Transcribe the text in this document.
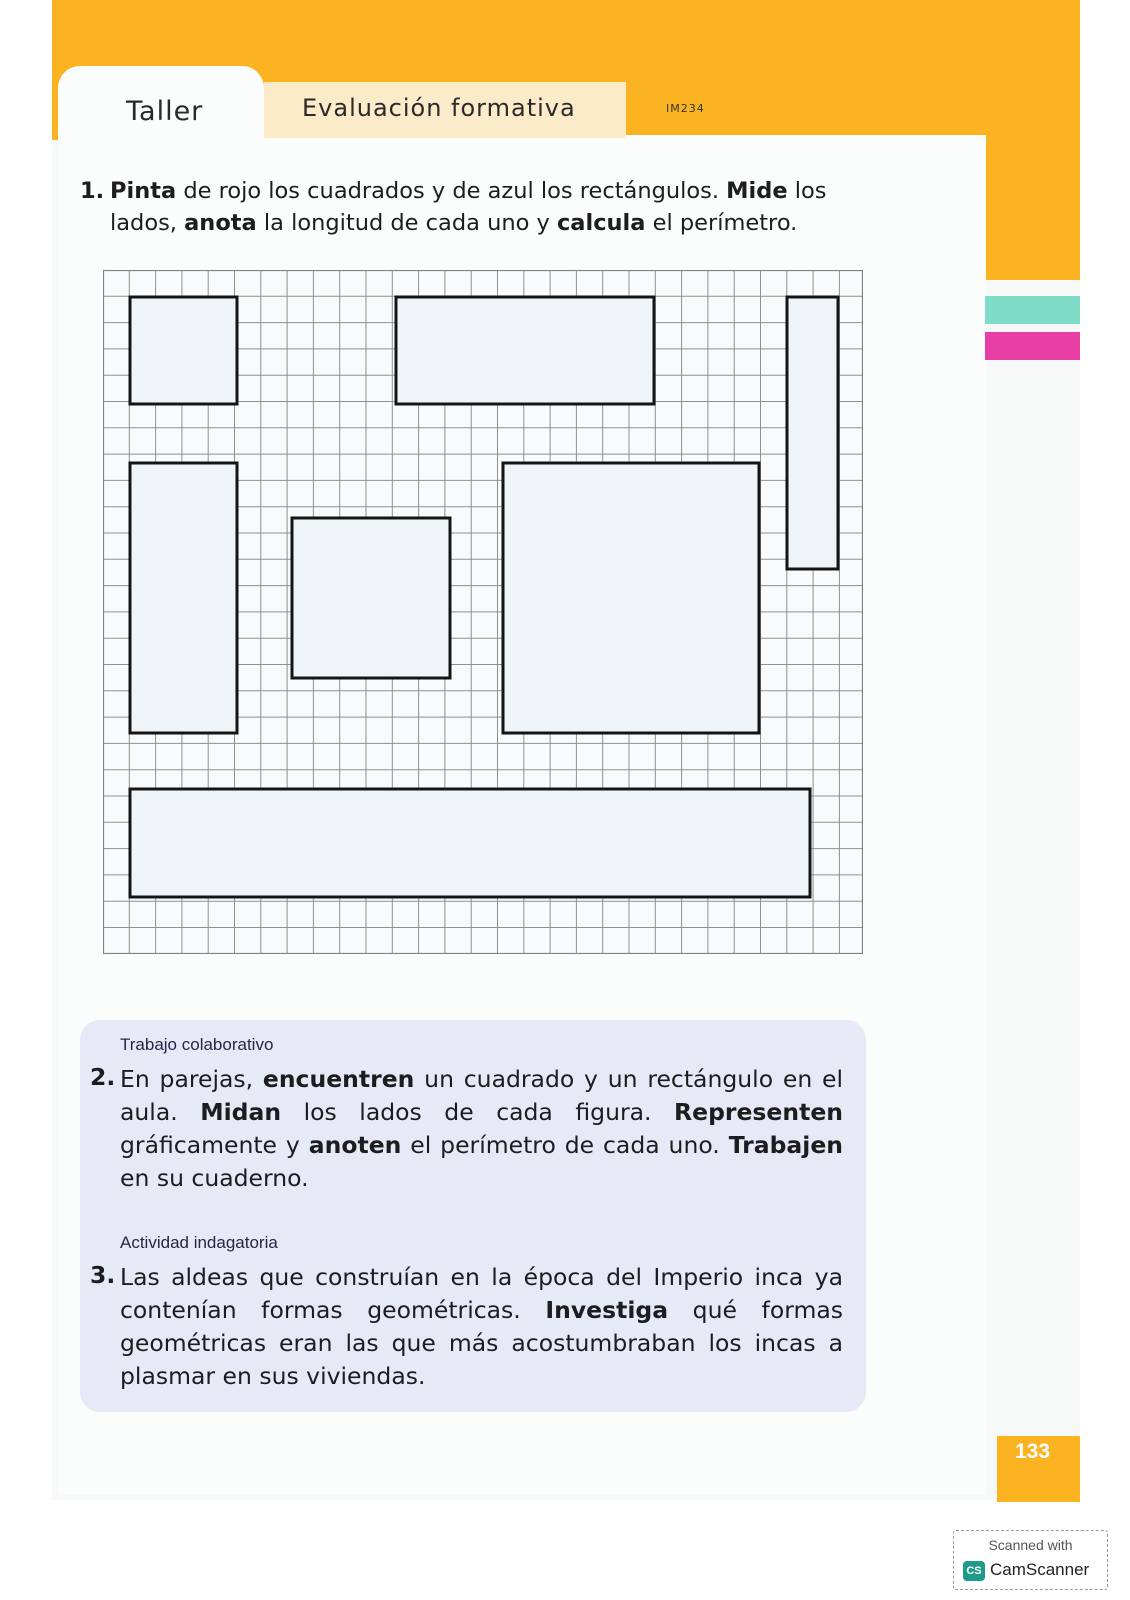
Taller	Evaluación formativa	IM234
1. Pinta de rojo los cuadrados y de azul los rectángulos. Mide los
lados, anota la longitud de cada uno y calcula el perímetro.
Trabajo colaborativo
2. En parejas, encuentren un cuadrado y un rectángulo en el aula. Midan los lados de cada figura. Representen gráficamente y anoten el perímetro de cada uno. Trabajen en su cuaderno.
Actividad indagatoria
3. Las aldeas que construían en la época del Imperio inca ya contenían formas geométricas. Investiga qué formas geométricas eran las que más acostumbraban los incas a plasmar en sus viviendas.
133
Scanned with
CS CamScanner
